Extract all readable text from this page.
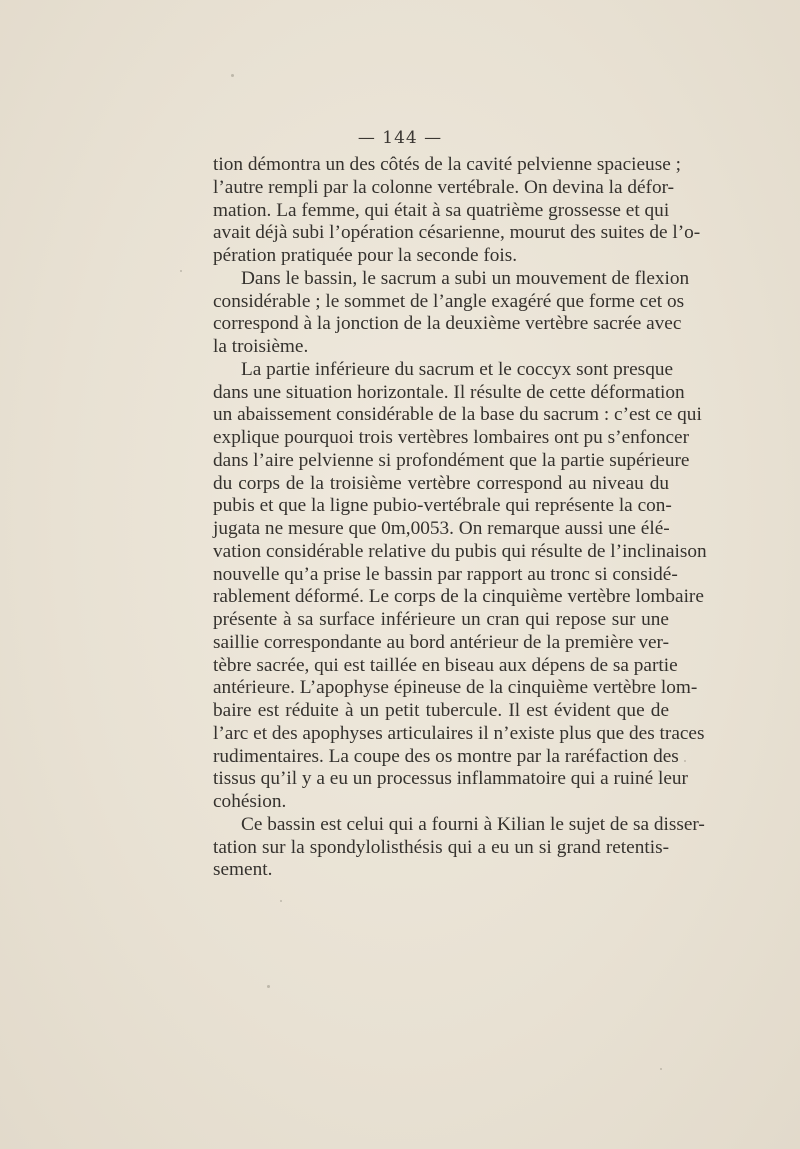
— 144 —
tion démontra un des côtés de la cavité pelvienne spacieuse ;
l’autre rempli par la colonne vertébrale. On devina la défor-
mation. La femme, qui était à sa quatrième grossesse et qui
avait déjà subi l’opération césarienne, mourut des suites de l’o-
pération pratiquée pour la seconde fois.
Dans le bassin, le sacrum a subi un mouvement de flexion
considérable ; le sommet de l’angle exagéré que forme cet os
correspond à la jonction de la deuxième vertèbre sacrée avec
la troisième.
La partie inférieure du sacrum et le coccyx sont presque
dans une situation horizontale. Il résulte de cette déformation
un abaissement considérable de la base du sacrum : c’est ce qui
explique pourquoi trois vertèbres lombaires ont pu s’enfoncer
dans l’aire pelvienne si profondément que la partie supérieure
du corps de la troisième vertèbre correspond au niveau du
pubis et que la ligne pubio-vertébrale qui représente la con-
jugata ne mesure que 0m,0053. On remarque aussi une élé-
vation considérable relative du pubis qui résulte de l’inclinaison
nouvelle qu’a prise le bassin par rapport au tronc si considé-
rablement déformé. Le corps de la cinquième vertèbre lombaire
présente à sa surface inférieure un cran qui repose sur une
saillie correspondante au bord antérieur de la première ver-
tèbre sacrée, qui est taillée en biseau aux dépens de sa partie
antérieure. L’apophyse épineuse de la cinquième vertèbre lom-
baire est réduite à un petit tubercule. Il est évident que de
l’arc et des apophyses articulaires il n’existe plus que des traces
rudimentaires. La coupe des os montre par la raréfaction des
tissus qu’il y a eu un processus inflammatoire qui a ruiné leur
cohésion.
Ce bassin est celui qui a fourni à Kilian le sujet de sa disser-
tation sur la spondylolisthésis qui a eu un si grand retentis-
sement.
